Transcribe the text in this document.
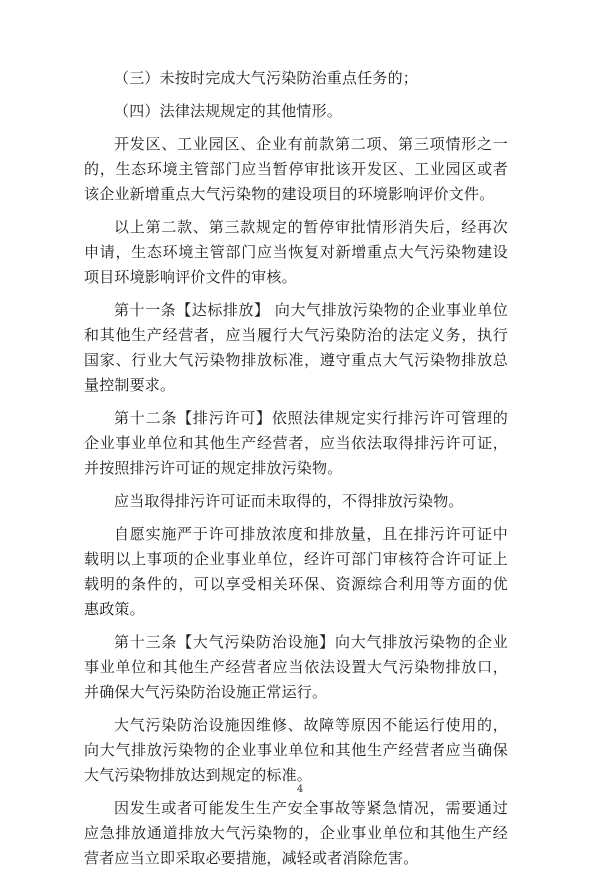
（三）未按时完成大气污染防治重点任务的；

（四）法律法规规定的其他情形。

开发区、工业园区、企业有前款第二项、第三项情形之一的，生态环境主管部门应当暂停审批该开发区、工业园区或者该企业新增重点大气污染物的建设项目的环境影响评价文件。

以上第二款、第三款规定的暂停审批情形消失后，经再次申请，生态环境主管部门应当恢复对新增重点大气污染物建设项目环境影响评价文件的审核。

第十一条【达标排放】 向大气排放污染物的企业事业单位和其他生产经营者，应当履行大气污染防治的法定义务，执行国家、行业大气污染物排放标准，遵守重点大气污染物排放总量控制要求。

第十二条【排污许可】依照法律规定实行排污许可管理的企业事业单位和其他生产经营者，应当依法取得排污许可证，并按照排污许可证的规定排放污染物。

应当取得排污许可证而未取得的，不得排放污染物。

自愿实施严于许可排放浓度和排放量，且在排污许可证中载明以上事项的企业事业单位，经许可部门审核符合许可证上载明的条件的，可以享受相关环保、资源综合利用等方面的优惠政策。

第十三条【大气污染防治设施】向大气排放污染物的企业事业单位和其他生产经营者应当依法设置大气污染物排放口，并确保大气污染防治设施正常运行。

大气污染防治设施因维修、故障等原因不能运行使用的，向大气排放污染物的企业事业单位和其他生产经营者应当确保大气污染物排放达到规定的标准。

因发生或者可能发生生产安全事故等紧急情况，需要通过应急排放通道排放大气污染物的，企业事业单位和其他生产经营者应当立即采取必要措施，减轻或者消除危害。

4
